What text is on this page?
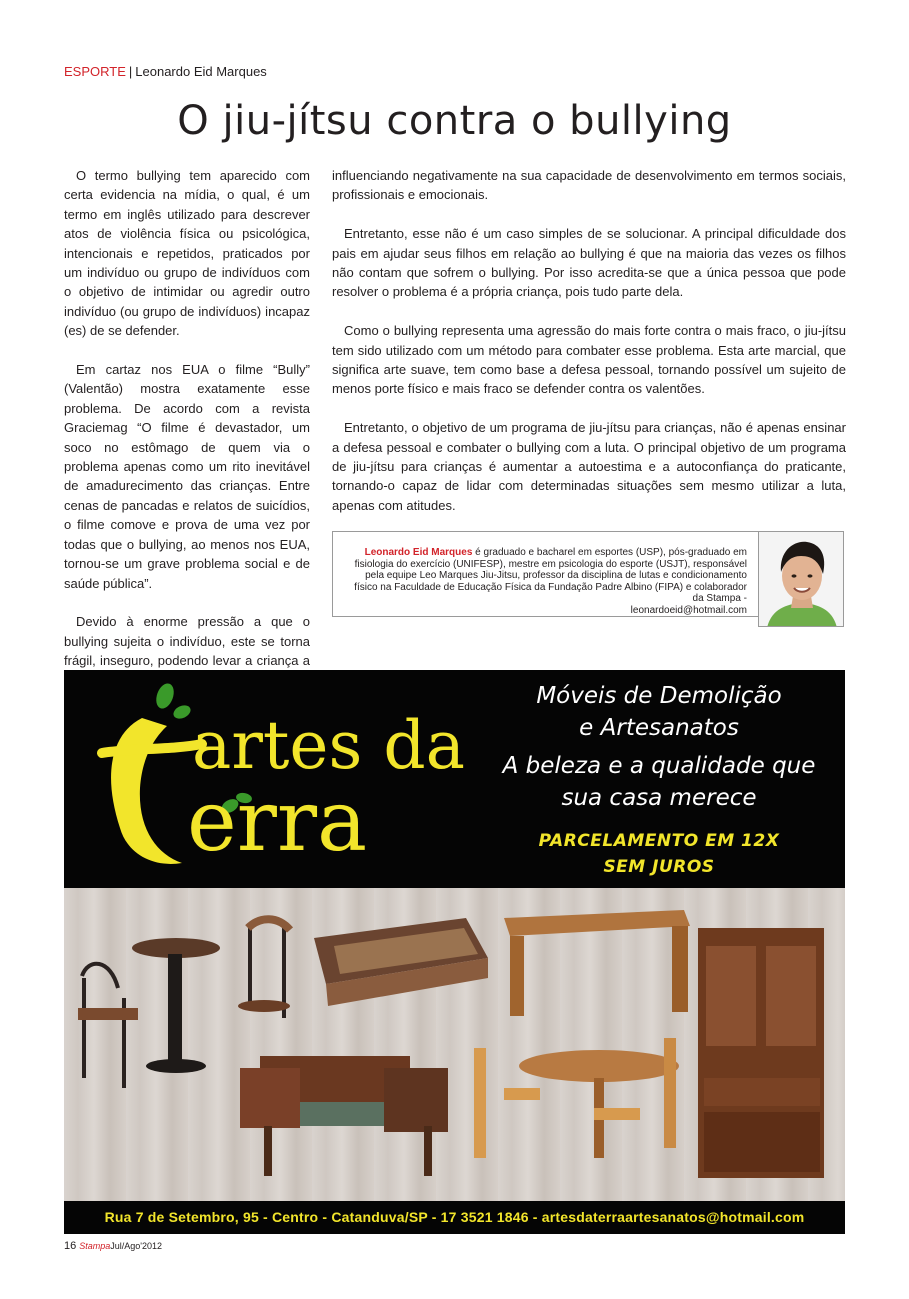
ESPORTE | Leonardo Eid Marques
O jiu-jítsu contra o bullying

O termo bullying tem aparecido com certa evidencia na mídia, o qual, é um termo em inglês utilizado para descrever atos de violência física ou psicológica, intencionais e repetidos, praticados por um indivíduo ou grupo de indivíduos com o objetivo de intimidar ou agredir outro indivíduo (ou grupo de indivíduos) incapaz (es) de se defender.

Em cartaz nos EUA o filme “Bully” (Valentão) mostra exatamente esse problema. De acordo com a revista Graciemag “O filme é devastador, um soco no estômago de quem via o problema apenas como um rito inevitável de amadurecimento das crianças. Entre cenas de pancadas e relatos de suicídios, o filme comove e prova de uma vez por todas que o bullying, ao menos nos EUA, tornou-se um grave problema social e de saúde pública”.

Devido à enorme pressão a que o bullying sujeita o indivíduo, este se torna frágil, inseguro, podendo levar a criança a

influenciando negativamente na sua capacidade de desenvolvimento em termos sociais, profissionais e emocionais.

Entretanto, esse não é um caso simples de se solucionar. A principal dificuldade dos pais em ajudar seus filhos em relação ao bullying é que na maioria das vezes os filhos não contam que sofrem o bullying. Por isso acredita-se que a única pessoa que pode resolver o problema é a própria criança, pois tudo parte dela.

Como o bullying representa uma agressão do mais forte contra o mais fraco, o jiu-jítsu tem sido utilizado com um método para combater esse problema. Esta arte marcial, que significa arte suave, tem como base a defesa pessoal, tornando possível um sujeito de menos porte físico e mais fraco se defender contra os valentões.

Entretanto, o objetivo de um programa de jiu-jítsu para crianças, não é apenas ensinar a defesa pessoal e combater o bullying com a luta. O principal objetivo de um programa de jiu-jítsu para crianças é aumentar a autoestima e a autoconfiança do praticante, tornando-o capaz de lidar com determinadas situações sem mesmo utilizar a luta, apenas com atitudes.

Leonardo Eid Marques é graduado e bacharel em esportes (USP), pós-graduado em fisiologia do exercício (UNIFESP), mestre em psicologia do esporte (USJT), responsável pela equipe Leo Marques Jiu-Jitsu, professor da disciplina de lutas e condicionamento físico na Faculdade de Educação Física da Fundação Padre Albino (FIPA) e colaborador da Stampa -
leonardoeid@hotmail.com
artes da
erra
Móveis de Demolição
e Artesanatos
A beleza e a qualidade que
sua casa merece
PARCELAMENTO EM 12X
SEM JUROS
Rua 7 de Setembro, 95 - Centro - Catanduva/SP - 17 3521 1846 - artesdaterraartesanatos@hotmail.com
16 StampaJul/Ago'2012
